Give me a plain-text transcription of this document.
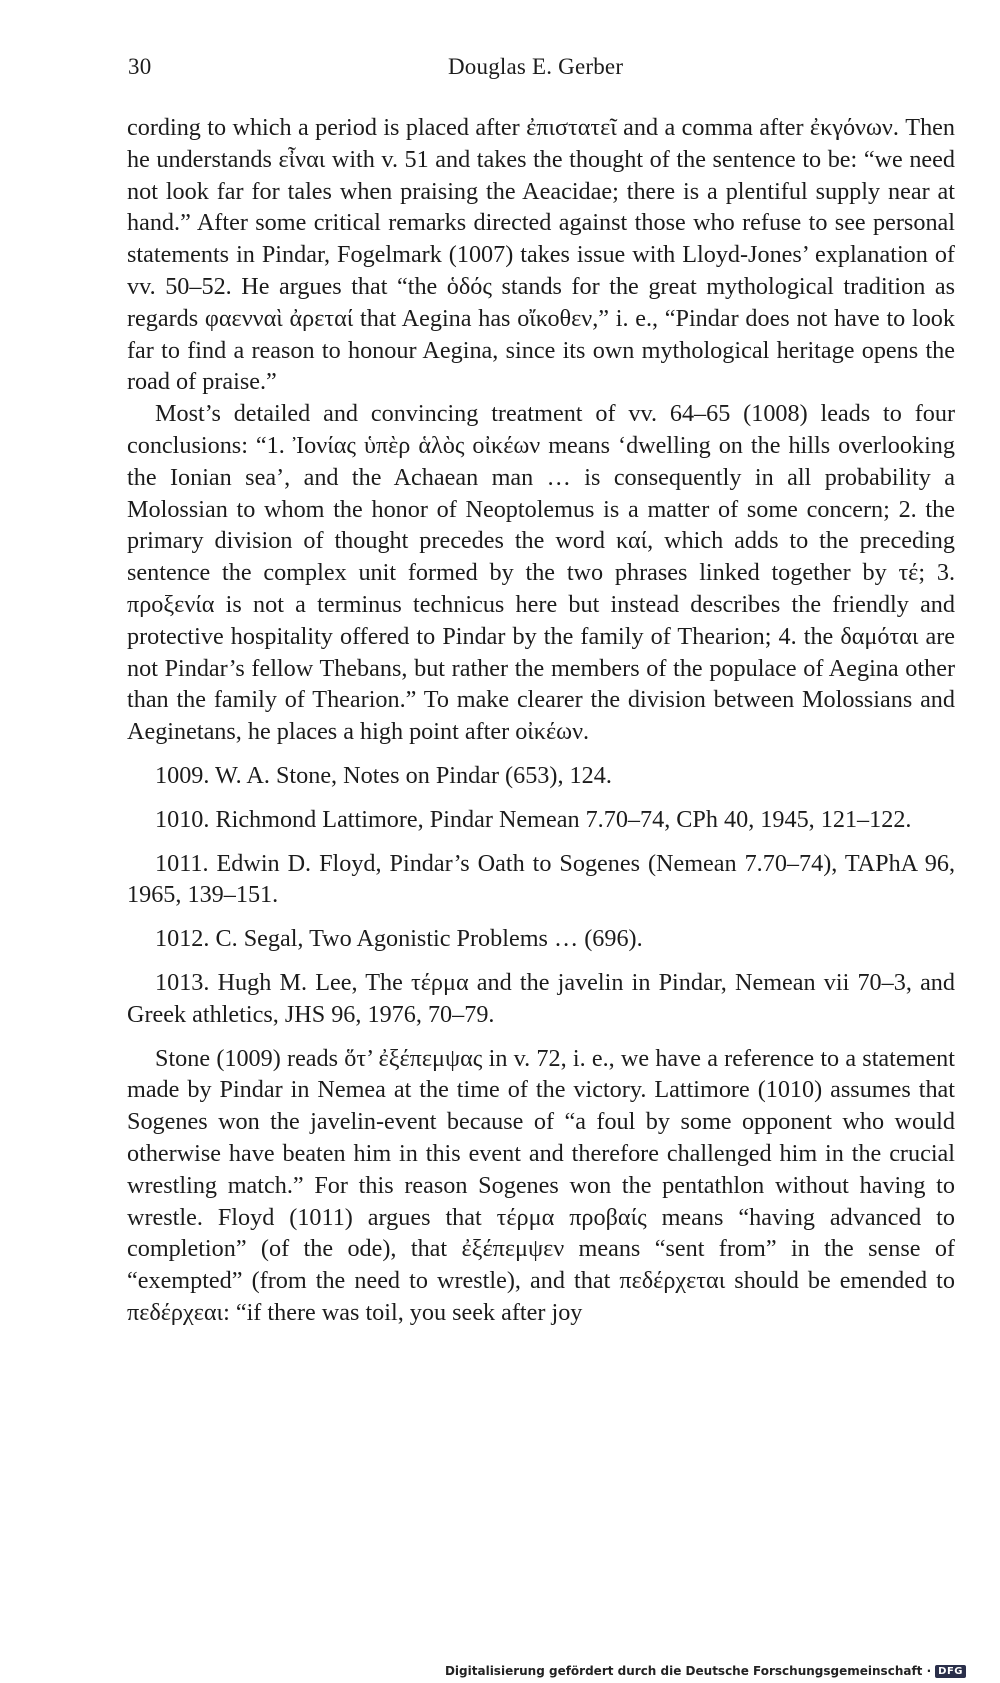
30	Douglas E. Gerber

cording to which a period is placed after ἐπιστατεῖ and a comma after ἐκγόνων. Then he understands εἶναι with v. 51 and takes the thought of the sentence to be: “we need not look far for tales when praising the Aeacidae; there is a plentiful supply near at hand.” After some critical remarks directed against those who refuse to see personal statements in Pindar, Fogelmark (1007) takes issue with Lloyd-Jones’ explanation of vv. 50–52. He argues that “the ὁδός stands for the great mythological tradition as regards φαενναὶ ἀρεταί that Aegina has οἴκοθεν,” i. e., “Pindar does not have to look far to find a reason to honour Aegina, since its own mythological heritage opens the road of praise.”

Most’s detailed and convincing treatment of vv. 64–65 (1008) leads to four conclusions: “1. Ἰονίας ὑπὲρ ἁλὸς οἰκέων means ‘dwelling on the hills overlooking the Ionian sea’, and the Achaean man … is consequently in all probability a Molossian to whom the honor of Neoptolemus is a matter of some concern; 2. the primary division of thought precedes the word καί, which adds to the preceding sentence the complex unit formed by the two phrases linked together by τέ; 3. προξενία is not a terminus technicus here but instead describes the friendly and protective hospitality offered to Pindar by the family of Thearion; 4. the δαμόται are not Pindar’s fellow Thebans, but rather the members of the populace of Aegina other than the family of Thearion.” To make clearer the division between Molossians and Aeginetans, he places a high point after οἰκέων.

1009. W. A. Stone, Notes on Pindar (653), 124.

1010. Richmond Lattimore, Pindar Nemean 7.70–74, CPh 40, 1945, 121–122.

1011. Edwin D. Floyd, Pindar’s Oath to Sogenes (Nemean 7.70–74), TAPhA 96, 1965, 139–151.

1012. C. Segal, Two Agonistic Problems … (696).

1013. Hugh M. Lee, The τέρμα and the javelin in Pindar, Nemean vii 70–3, and Greek athletics, JHS 96, 1976, 70–79.

Stone (1009) reads ὅτ’ ἐξέπεμψας in v. 72, i. e., we have a reference to a statement made by Pindar in Nemea at the time of the victory. Lattimore (1010) assumes that Sogenes won the javelin-event because of “a foul by some opponent who would otherwise have beaten him in this event and therefore challenged him in the crucial wrestling match.” For this reason Sogenes won the pentathlon without having to wrestle. Floyd (1011) argues that τέρμα προβαίς means “having advanced to completion” (of the ode), that ἐξέπεμψεν means “sent from” in the sense of “exempted” (from the need to wrestle), and that πεδέρχεται should be emended to πεδέρχεαι: “if there was toil, you seek after joy

Digitalisierung gefördert durch die Deutsche Forschungsgemeinschaft · DFG
